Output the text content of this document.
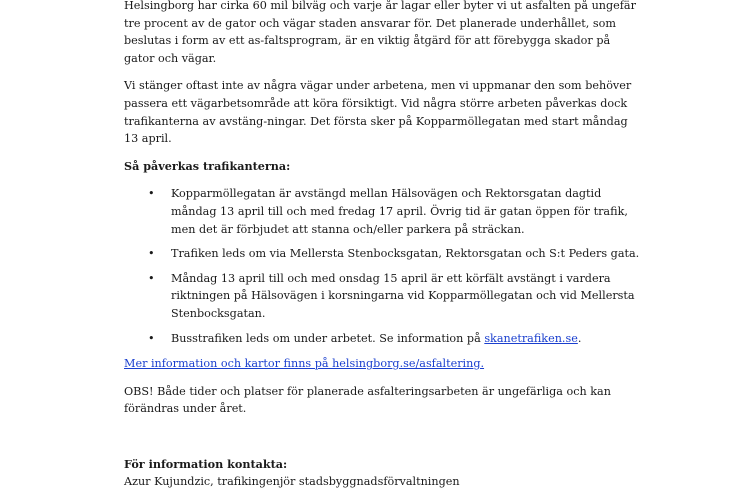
Helsingborg har cirka 60 mil bilväg och varje år lagar eller byter vi ut asfalten på ungefär tre procent av de gator och vägar staden ansvarar för. Det planerade underhållet, som beslutas i form av ett as-faltsprogram, är en viktig åtgärd för att förebygga skador på gator och vägar.

Vi stänger oftast inte av några vägar under arbetena, men vi uppmanar den som behöver passera ett vägarbetsområde att köra försiktigt. Vid några större arbeten påverkas dock trafikanterna av avstäng-ningar. Det första sker på Kopparmöllegatan med start måndag 13 april.

Så påverkas trafikanterna:

• Kopparmöllegatan är avstängd mellan Hälsovägen och Rektorsgatan dagtid måndag 13 april till och med fredag 17 april. Övrig tid är gatan öppen för trafik, men det är förbjudet att stanna och/eller parkera på sträckan.
• Trafiken leds om via Mellersta Stenbocksgatan, Rektorsgatan och S:t Peders gata.
• Måndag 13 april till och med onsdag 15 april är ett körfält avstängt i vardera riktningen på Hälsovägen i korsningarna vid Kopparmöllegatan och vid Mellersta Stenbocksgatan.
• Busstrafiken leds om under arbetet. Se information på skanetrafiken.se.

Mer information och kartor finns på helsingborg.se/asfaltering.

OBS! Både tider och platser för planerade asfalteringsarbeten är ungefärliga och kan förändras under året.

För information kontakta:

Azur Kujundzic, trafikingenjör stadsbyggnadsförvaltningen
